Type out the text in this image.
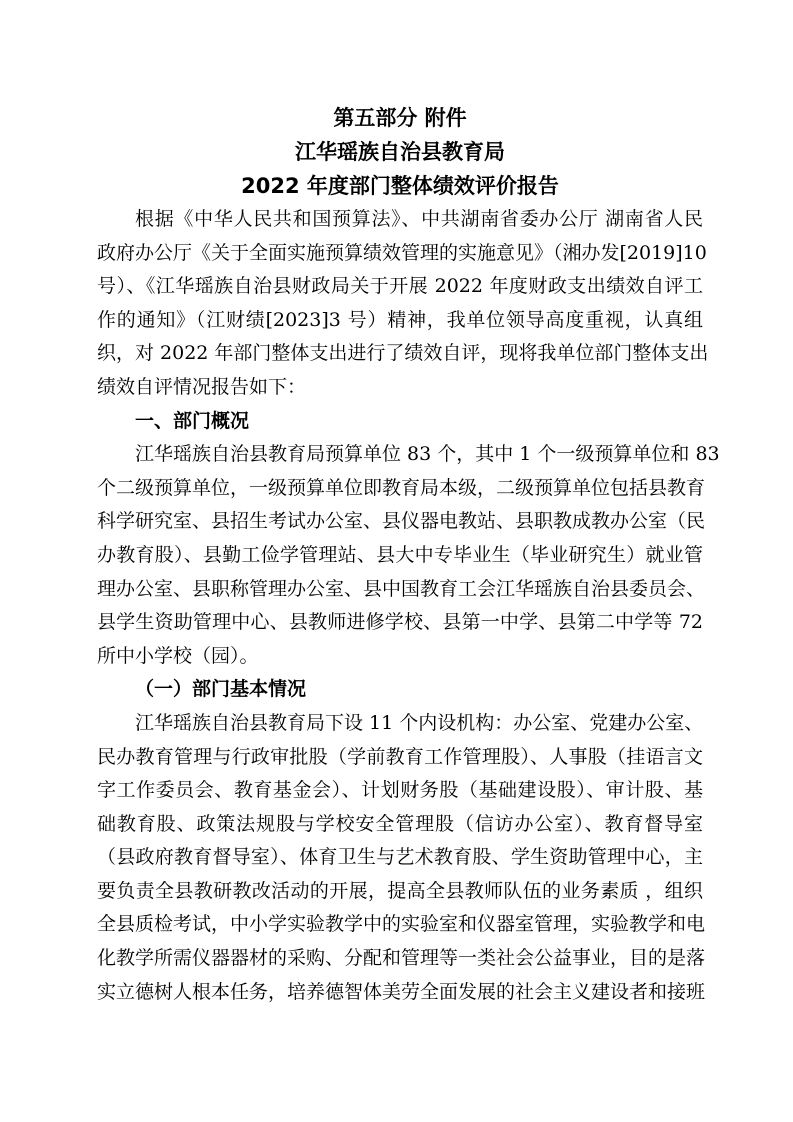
第五部分 附件
江华瑶族自治县教育局
2022 年度部门整体绩效评价报告
根据《中华人民共和国预算法》、中共湖南省委办公厅 湖南省人民
政府办公厅《关于全面实施预算绩效管理的实施意见》（湘办发[2019]10
号）、《江华瑶族自治县财政局关于开展 2022 年度财政支出绩效自评工
作的通知》（江财绩[2023]3 号）精神，我单位领导高度重视，认真组
织，对 2022 年部门整体支出进行了绩效自评，现将我单位部门整体支出
绩效自评情况报告如下：
一、部门概况
江华瑶族自治县教育局预算单位 83 个，其中 1 个一级预算单位和 83
个二级预算单位，一级预算单位即教育局本级，二级预算单位包括县教育
科学研究室、县招生考试办公室、县仪器电教站、县职教成教办公室（民
办教育股）、县勤工俭学管理站、县大中专毕业生（毕业研究生）就业管
理办公室、县职称管理办公室、县中国教育工会江华瑶族自治县委员会、
县学生资助管理中心、县教师进修学校、县第一中学、县第二中学等 72
所中小学校（园）。
（一）部门基本情况
江华瑶族自治县教育局下设 11 个内设机构：办公室、党建办公室、
民办教育管理与行政审批股（学前教育工作管理股）、人事股（挂语言文
字工作委员会、教育基金会）、计划财务股（基础建设股）、审计股、基
础教育股、政策法规股与学校安全管理股（信访办公室）、教育督导室
（县政府教育督导室）、体育卫生与艺术教育股、学生资助管理中心，主
要负责全县教研教改活动的开展，提高全县教师队伍的业务素质 ，组织
全县质检考试，中小学实验教学中的实验室和仪器室管理，实验教学和电
化教学所需仪器器材的采购、分配和管理等一类社会公益事业，目的是落
实立德树人根本任务，培养德智体美劳全面发展的社会主义建设者和接班
